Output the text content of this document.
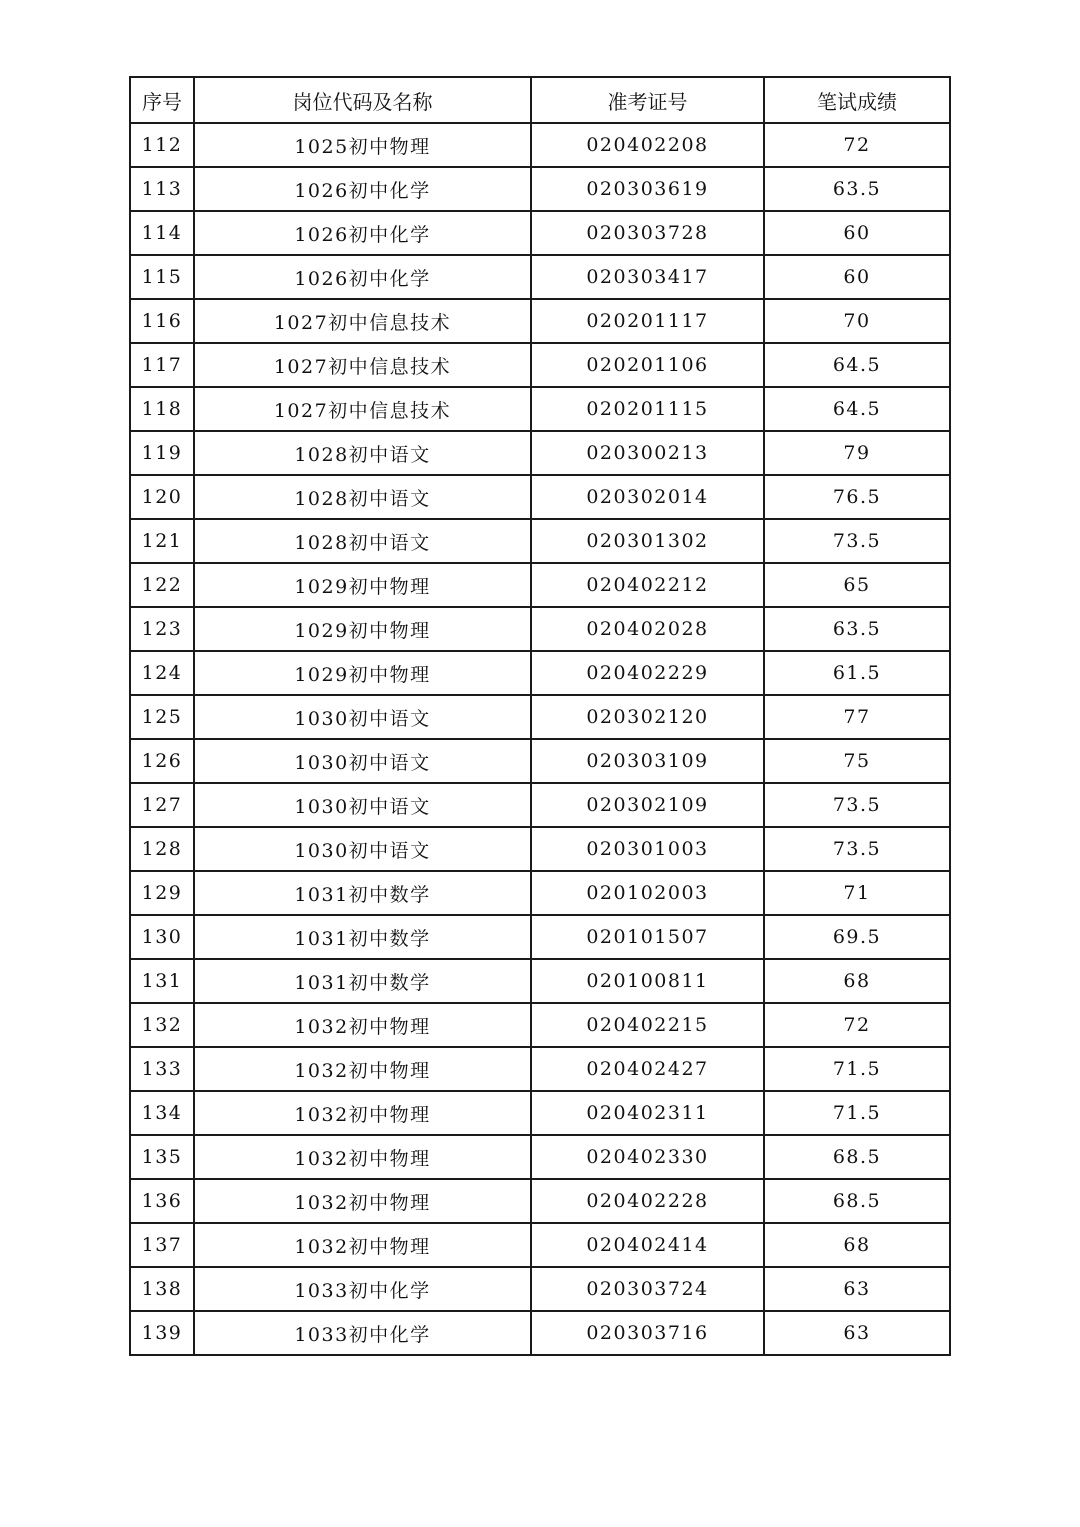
序号	岗位代码及名称	准考证号	笔试成绩
112	1025初中物理	020402208	72
113	1026初中化学	020303619	63.5
114	1026初中化学	020303728	60
115	1026初中化学	020303417	60
116	1027初中信息技术	020201117	70
117	1027初中信息技术	020201106	64.5
118	1027初中信息技术	020201115	64.5
119	1028初中语文	020300213	79
120	1028初中语文	020302014	76.5
121	1028初中语文	020301302	73.5
122	1029初中物理	020402212	65
123	1029初中物理	020402028	63.5
124	1029初中物理	020402229	61.5
125	1030初中语文	020302120	77
126	1030初中语文	020303109	75
127	1030初中语文	020302109	73.5
128	1030初中语文	020301003	73.5
129	1031初中数学	020102003	71
130	1031初中数学	020101507	69.5
131	1031初中数学	020100811	68
132	1032初中物理	020402215	72
133	1032初中物理	020402427	71.5
134	1032初中物理	020402311	71.5
135	1032初中物理	020402330	68.5
136	1032初中物理	020402228	68.5
137	1032初中物理	020402414	68
138	1033初中化学	020303724	63
139	1033初中化学	020303716	63
